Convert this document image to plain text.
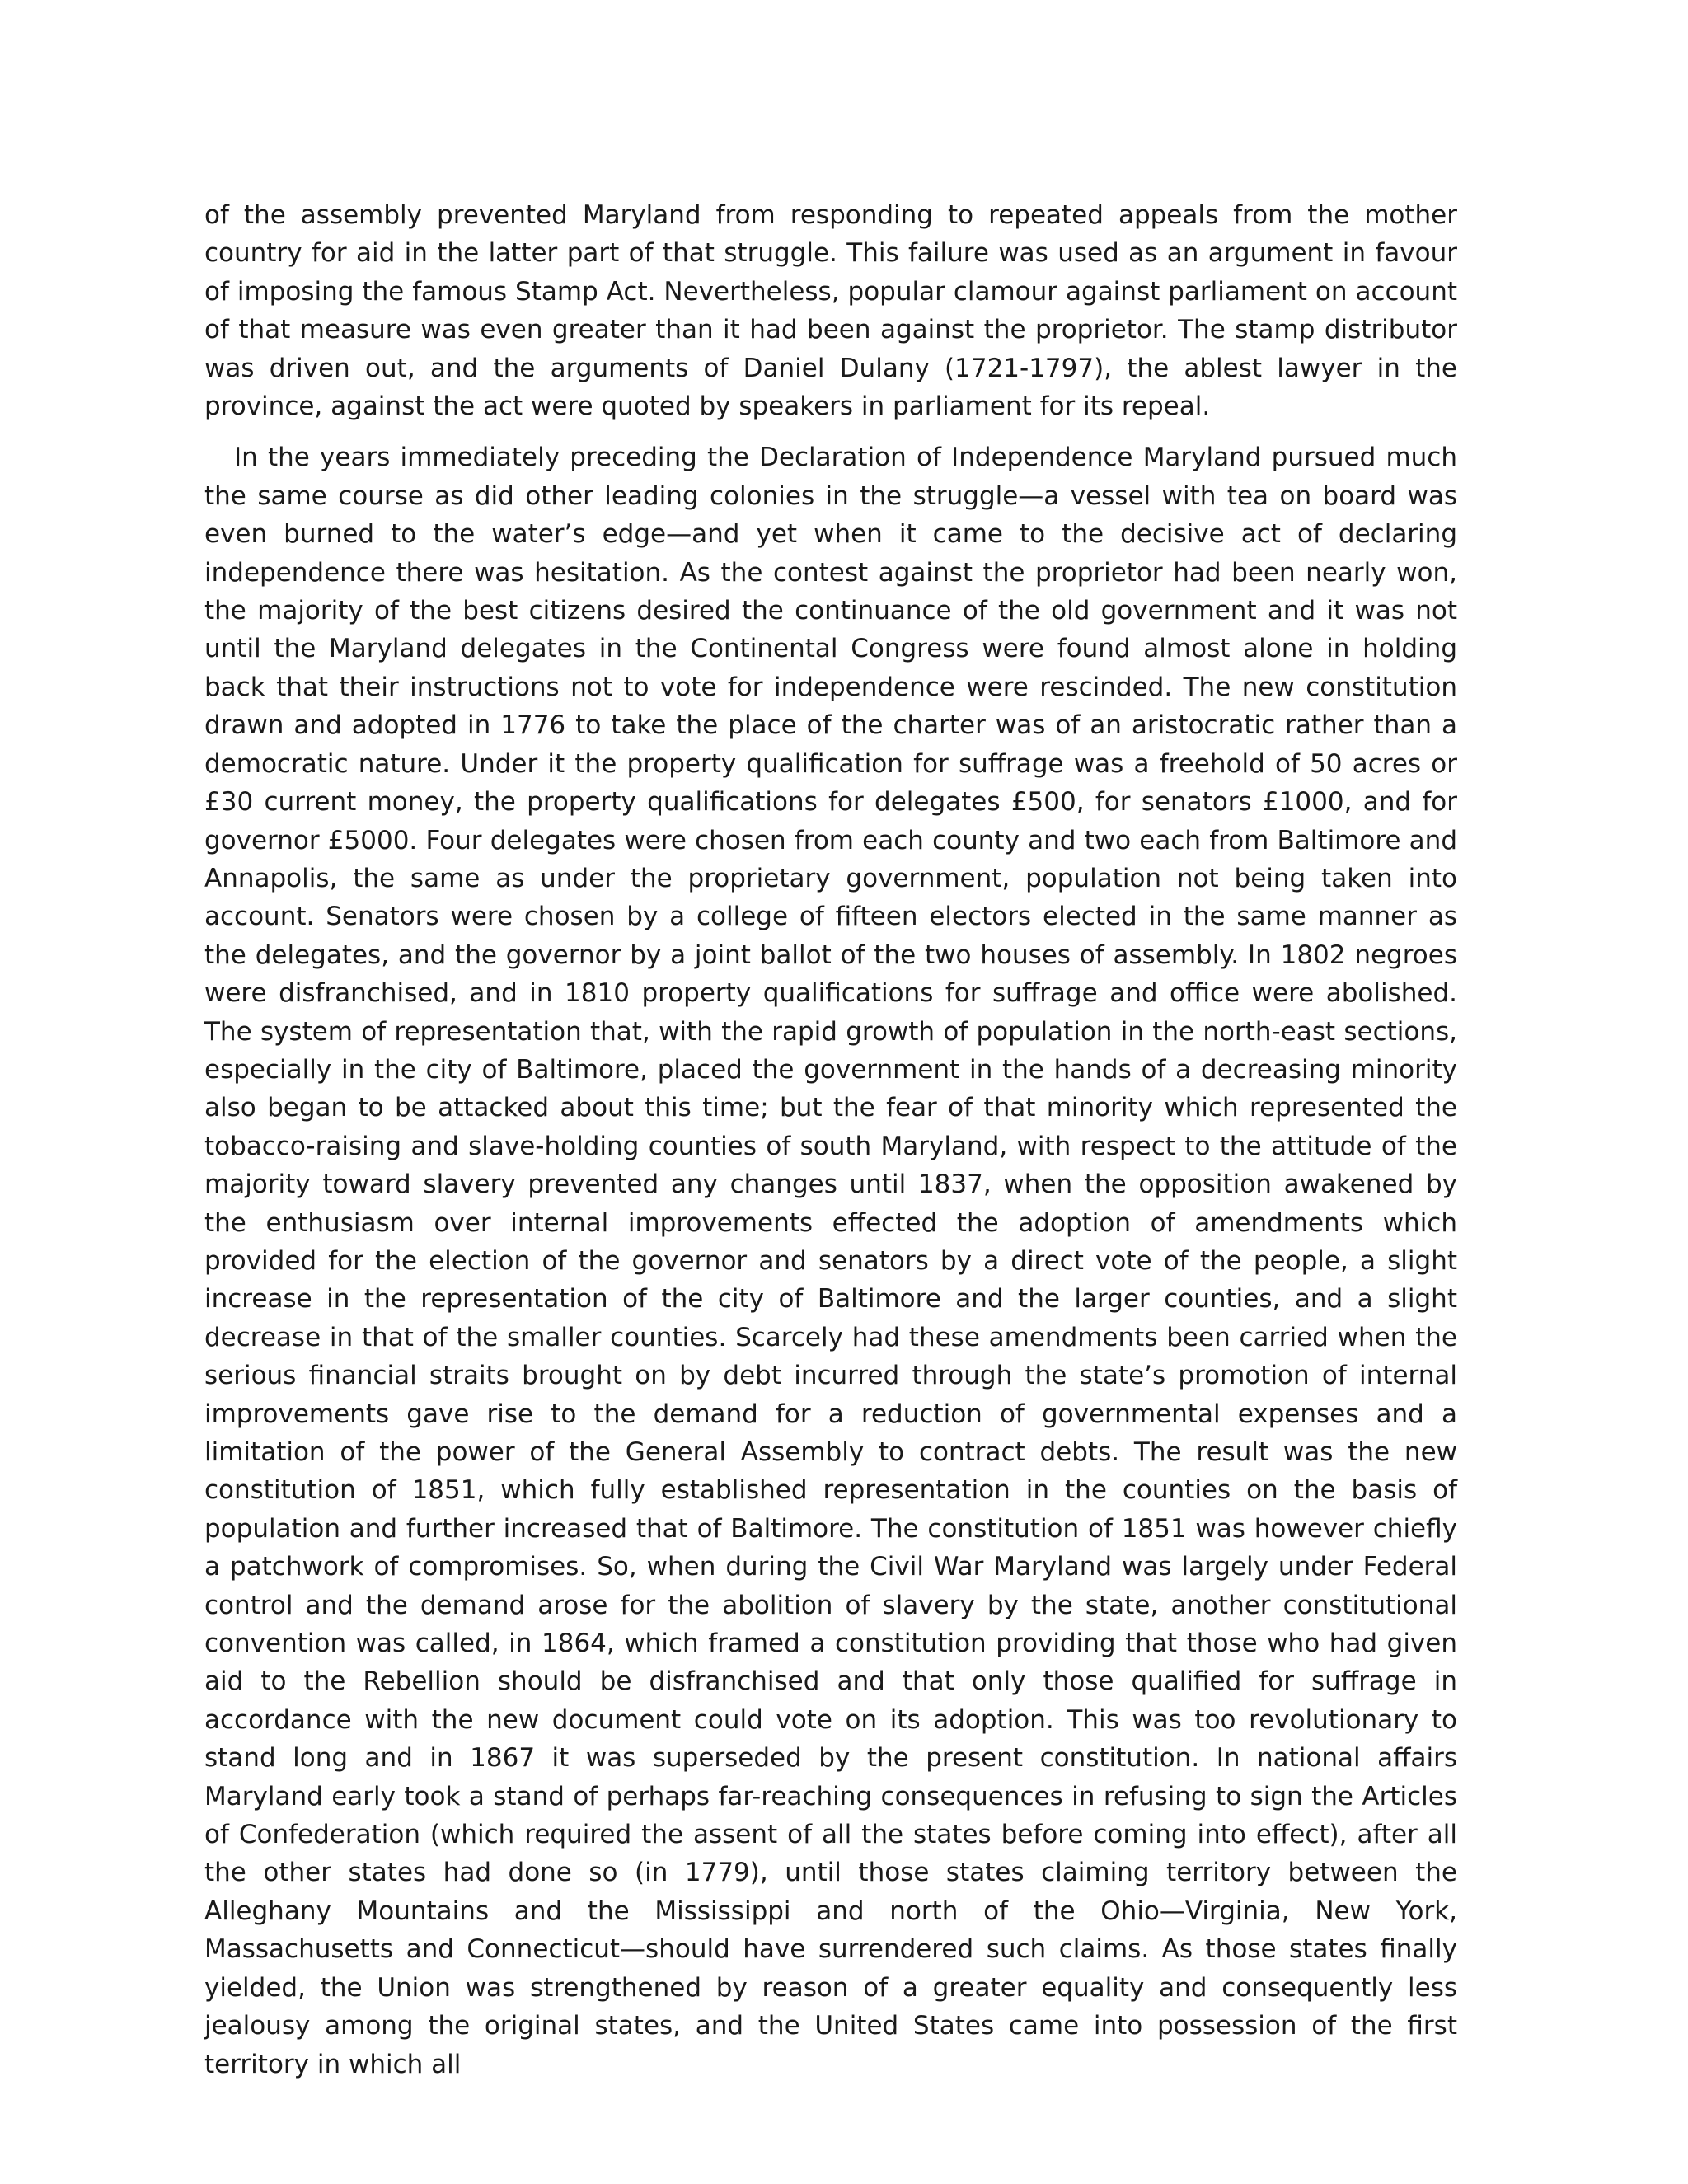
of the assembly prevented Maryland from responding to repeated appeals from the mother country for aid in the latter part of that struggle. This failure was used as an argument in favour of imposing the famous Stamp Act. Nevertheless, popular clamour against parliament on account of that measure was even greater than it had been against the proprietor. The stamp distributor was driven out, and the arguments of Daniel Dulany (1721-1797), the ablest lawyer in the province, against the act were quoted by speakers in parliament for its repeal.

In the years immediately preceding the Declaration of Independence Maryland pursued much the same course as did other leading colonies in the struggle—a vessel with tea on board was even burned to the water’s edge—and yet when it came to the decisive act of declaring independence there was hesitation. As the contest against the proprietor had been nearly won, the majority of the best citizens desired the continuance of the old government and it was not until the Maryland delegates in the Continental Congress were found almost alone in holding back that their instructions not to vote for independence were rescinded. The new constitution drawn and adopted in 1776 to take the place of the charter was of an aristocratic rather than a democratic nature. Under it the property qualification for suffrage was a freehold of 50 acres or £30 current money, the property qualifications for delegates £500, for senators £1000, and for governor £5000. Four delegates were chosen from each county and two each from Baltimore and Annapolis, the same as under the proprietary government, population not being taken into account. Senators were chosen by a college of fifteen electors elected in the same manner as the delegates, and the governor by a joint ballot of the two houses of assembly. In 1802 negroes were disfranchised, and in 1810 property qualifications for suffrage and office were abolished. The system of representation that, with the rapid growth of population in the north-east sections, especially in the city of Baltimore, placed the government in the hands of a decreasing minority also began to be attacked about this time; but the fear of that minority which represented the tobacco-raising and slave-holding counties of south Maryland, with respect to the attitude of the majority toward slavery prevented any changes until 1837, when the opposition awakened by the enthusiasm over internal improvements effected the adoption of amendments which provided for the election of the governor and senators by a direct vote of the people, a slight increase in the representation of the city of Baltimore and the larger counties, and a slight decrease in that of the smaller counties. Scarcely had these amendments been carried when the serious financial straits brought on by debt incurred through the state’s promotion of internal improvements gave rise to the demand for a reduction of governmental expenses and a limitation of the power of the General Assembly to contract debts. The result was the new constitution of 1851, which fully established representation in the counties on the basis of population and further increased that of Baltimore. The constitution of 1851 was however chiefly a patchwork of compromises. So, when during the Civil War Maryland was largely under Federal control and the demand arose for the abolition of slavery by the state, another constitutional convention was called, in 1864, which framed a constitution providing that those who had given aid to the Rebellion should be disfranchised and that only those qualified for suffrage in accordance with the new document could vote on its adoption. This was too revolutionary to stand long and in 1867 it was superseded by the present constitution. In national affairs Maryland early took a stand of perhaps far-reaching consequences in refusing to sign the Articles of Confederation (which required the assent of all the states before coming into effect), after all the other states had done so (in 1779), until those states claiming territory between the Alleghany Mountains and the Mississippi and north of the Ohio—Virginia, New York, Massachusetts and Connecticut—should have surrendered such claims. As those states finally yielded, the Union was strengthened by reason of a greater equality and consequently less jealousy among the original states, and the United States came into possession of the first territory in which all
